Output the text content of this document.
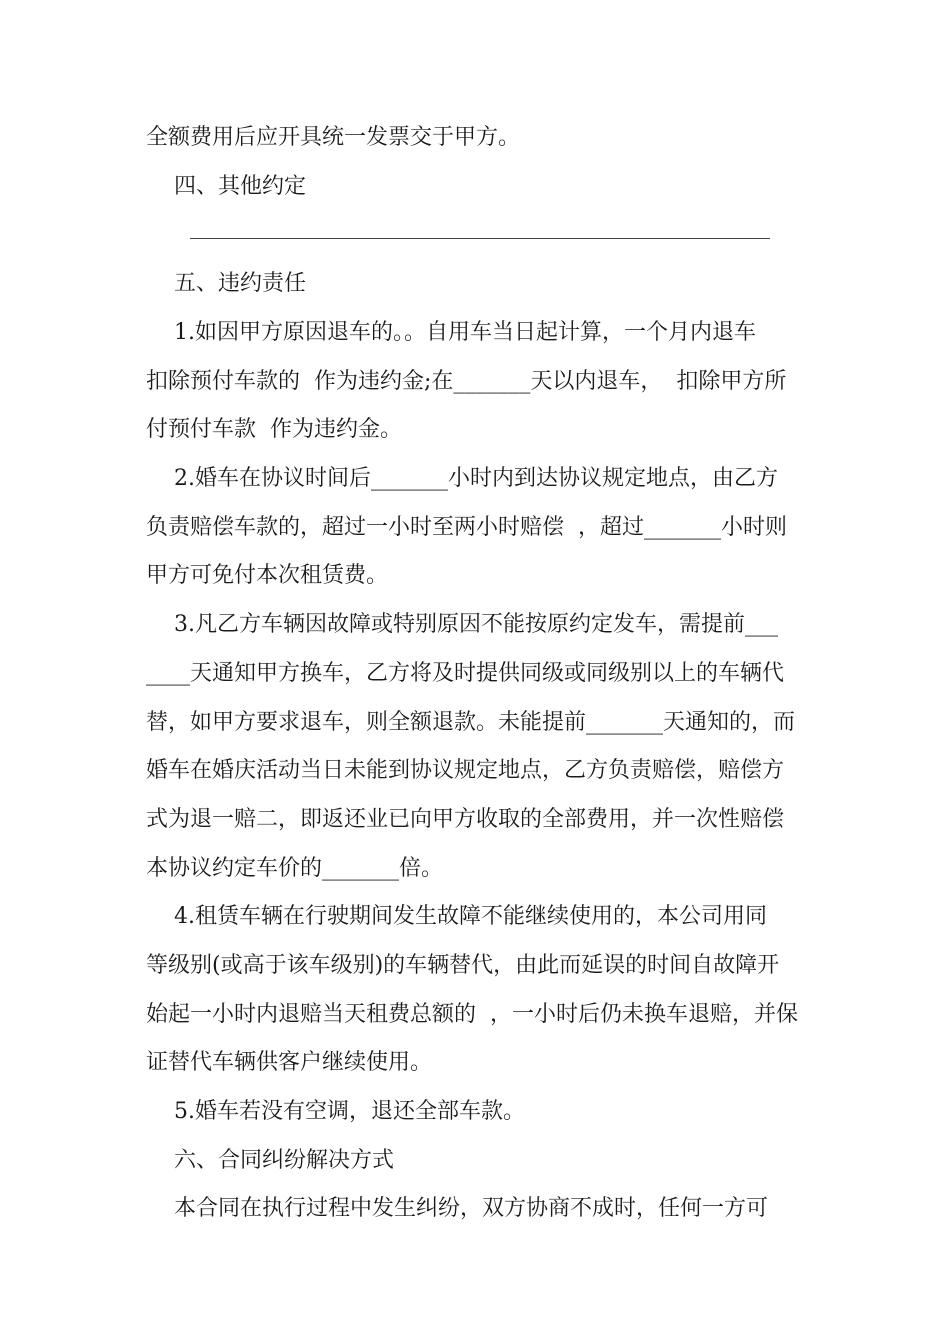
全额费用后应开具统一发票交于甲方。
四、其他约定
五、违约责任
1.如因甲方原因退车的。。自用车当日起计算，一个月内退车
扣除预付车款的  作为违约金;在_______天以内退车，  扣除甲方所
付预付车款  作为违约金。
2.婚车在协议时间后_______小时内到达协议规定地点，由乙方
负责赔偿车款的，超过一小时至两小时赔偿  ，超过_______小时则
甲方可免付本次租赁费。
3.凡乙方车辆因故障或特别原因不能按原约定发车，需提前___
____天通知甲方换车，乙方将及时提供同级或同级别以上的车辆代
替，如甲方要求退车，则全额退款。未能提前_______天通知的，而
婚车在婚庆活动当日未能到协议规定地点，乙方负责赔偿，赔偿方
式为退一赔二，即返还业已向甲方收取的全部费用，并一次性赔偿
本协议约定车价的_______倍。
4.租赁车辆在行驶期间发生故障不能继续使用的，本公司用同
等级别(或高于该车级别)的车辆替代，由此而延误的时间自故障开
始起一小时内退赔当天租费总额的  ，一小时后仍未换车退赔，并保
证替代车辆供客户继续使用。
5.婚车若没有空调，退还全部车款。
六、合同纠纷解决方式
本合同在执行过程中发生纠纷，双方协商不成时，任何一方可
